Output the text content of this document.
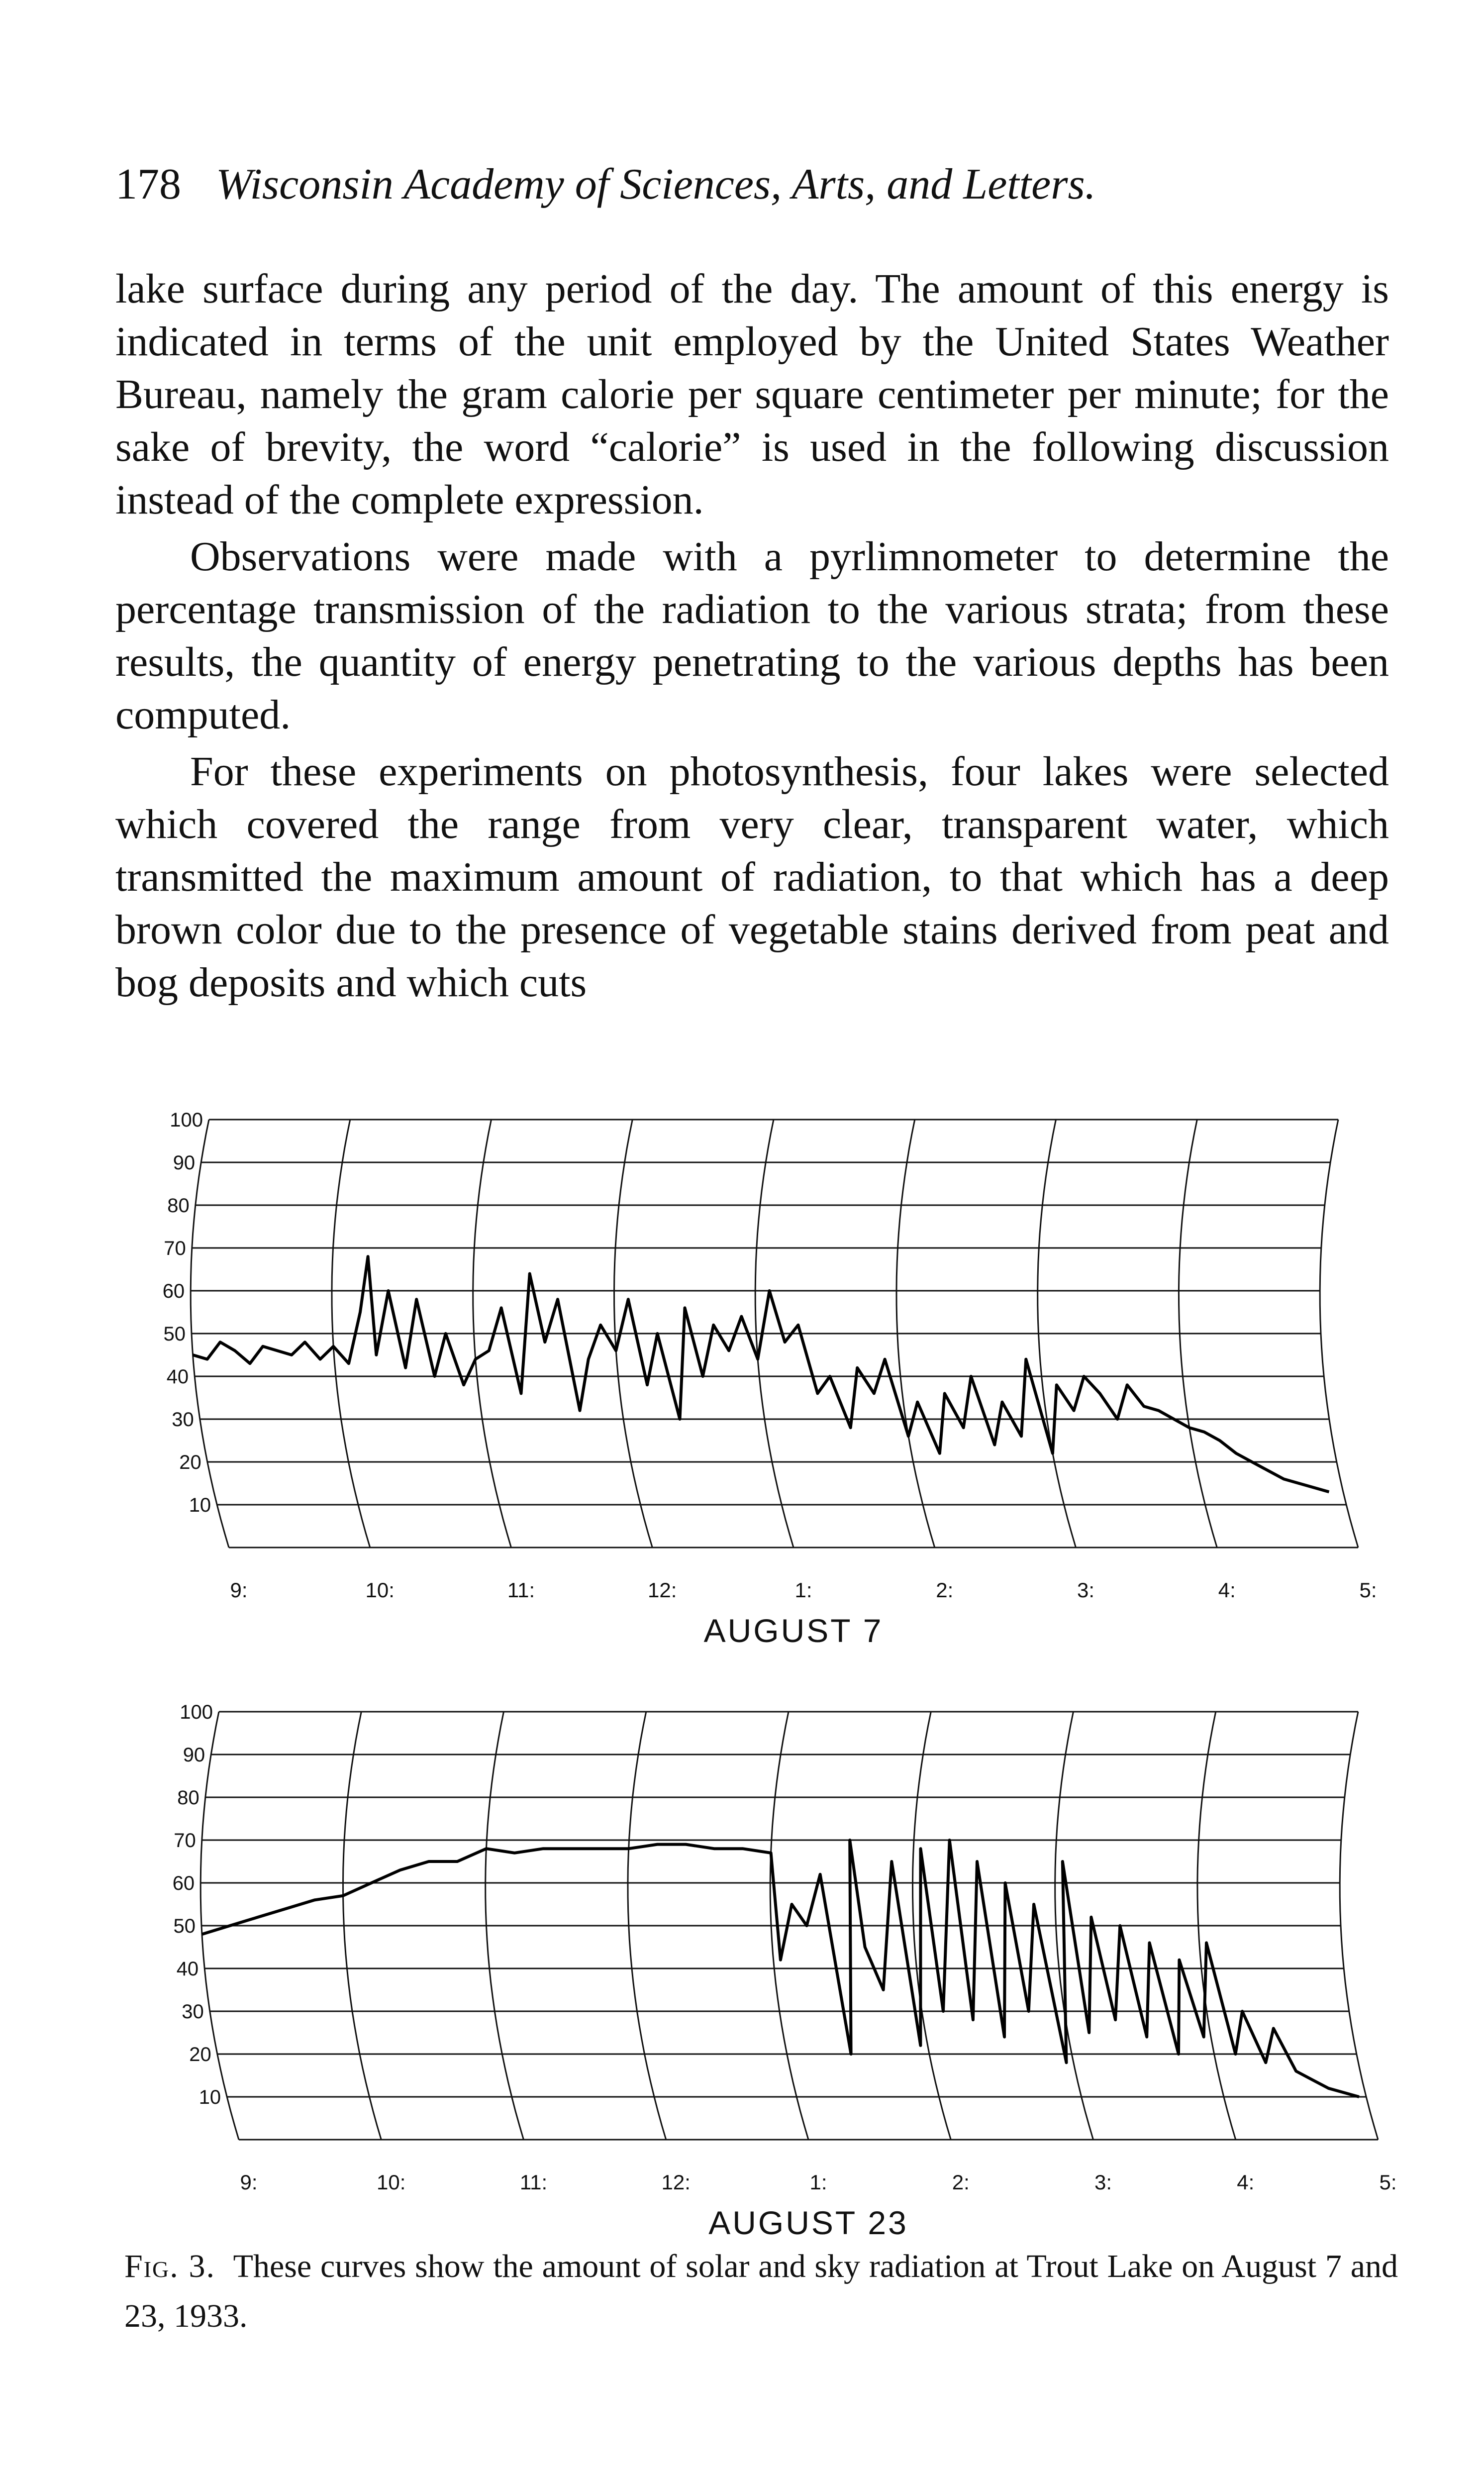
178 Wisconsin Academy of Sciences, Arts, and Letters.

lake surface during any period of the day. The amount of this energy is indicated in terms of the unit employed by the United States Weather Bureau, namely the gram calorie per square centimeter per minute; for the sake of brevity, the word “calorie” is used in the following discussion instead of the complete expression.

Observations were made with a pyrlimnometer to determine the percentage transmission of the radiation to the various strata; from these results, the quantity of energy penetrating to the various depths has been computed.

For these experiments on photosynthesis, four lakes were selected which covered the range from very clear, transparent water, which transmitted the maximum amount of radiation, to that which has a deep brown color due to the presence of vegetable stains derived from peat and bog deposits and which cuts

100
90
80
70
60
50
40
30
20
10
9:	10:	11:	12:	1:	2:	3:	4:	5:
AUGUST 7
100
90
80
70
60
50
40
30
20
10
9:	10:	11:	12:	1:	2:	3:	4:	5:
AUGUST 23
Fig. 3. These curves show the amount of solar and sky radiation at Trout Lake on August 7 and 23, 1933.
